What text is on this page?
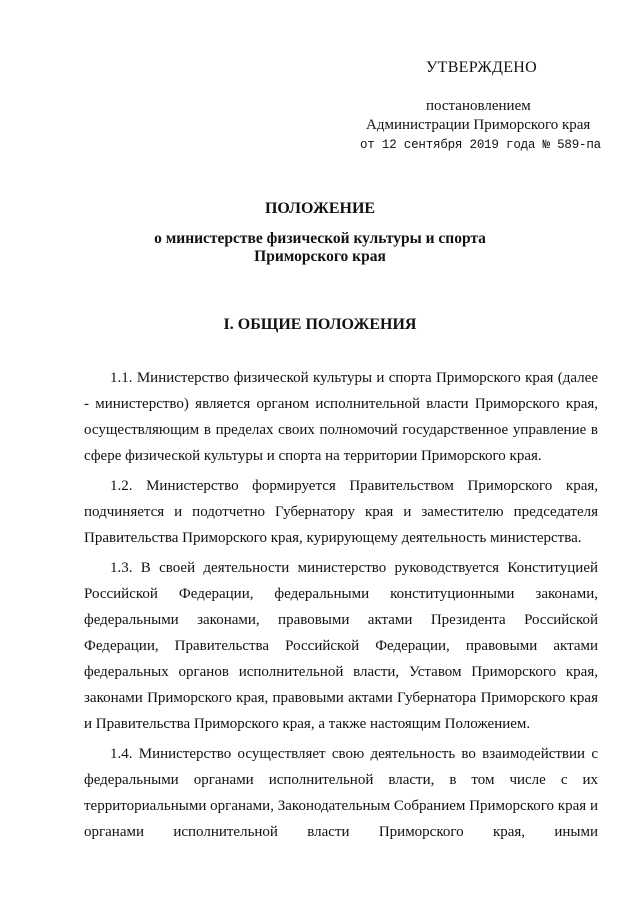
УТВЕРЖДЕНО
постановлением
Администрации Приморского края
от 12 сентября 2019 года № 589-па
ПОЛОЖЕНИЕ
о министерстве физической культуры и спорта
Приморского края
I. ОБЩИЕ ПОЛОЖЕНИЯ

1.1. Министерство физической культуры и спорта Приморского края (далее - министерство) является органом исполнительной власти Приморского края, осуществляющим в пределах своих полномочий государственное управление в сфере физической культуры и спорта на территории Приморского края.

1.2. Министерство формируется Правительством Приморского края, подчиняется и подотчетно Губернатору края и заместителю председателя Правительства Приморского края, курирующему деятельность министерства.

1.3. В своей деятельности министерство руководствуется Конституцией Российской Федерации, федеральными конституционными законами, федеральными законами, правовыми актами Президента Российской Федерации, Правительства Российской Федерации, правовыми актами федеральных органов исполнительной власти, Уставом Приморского края, законами Приморского края, правовыми актами Губернатора Приморского края и Правительства Приморского края, а также настоящим Положением.

1.4. Министерство осуществляет свою деятельность во взаимодействии с федеральными органами исполнительной власти, в том числе с их территориальными органами, Законодательным Собранием Приморского края и органами исполнительной власти Приморского края, иными
